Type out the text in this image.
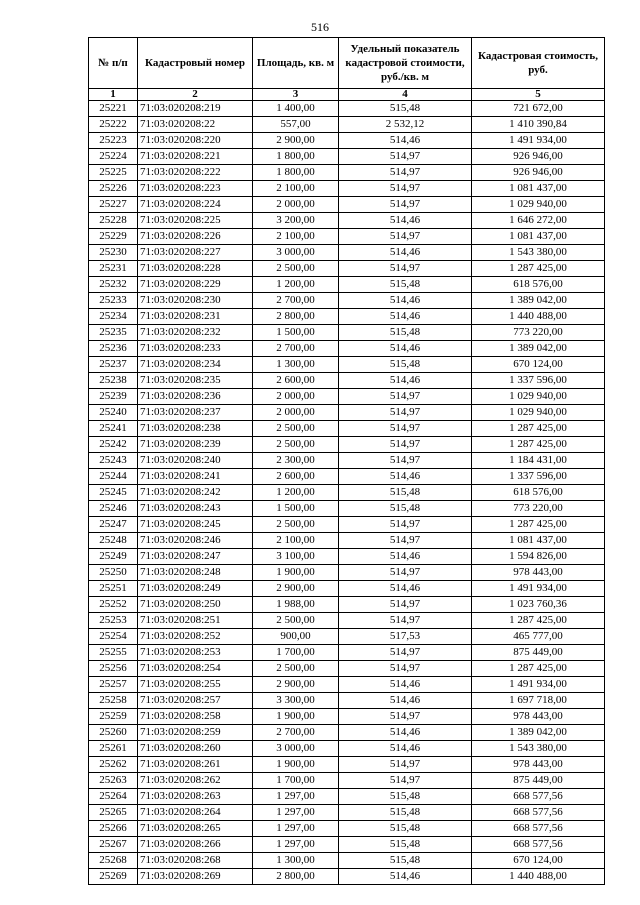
516
№ п/п	Кадастровый номер	Площадь, кв. м	Удельный показатель кадастровой стоимости, руб./кв. м	Кадастровая стоимость, руб.
1	2	3	4	5
25221	71:03:020208:219	1 400,00	515,48	721 672,00
25222	71:03:020208:22	557,00	2 532,12	1 410 390,84
25223	71:03:020208:220	2 900,00	514,46	1 491 934,00
25224	71:03:020208:221	1 800,00	514,97	926 946,00
25225	71:03:020208:222	1 800,00	514,97	926 946,00
25226	71:03:020208:223	2 100,00	514,97	1 081 437,00
25227	71:03:020208:224	2 000,00	514,97	1 029 940,00
25228	71:03:020208:225	3 200,00	514,46	1 646 272,00
25229	71:03:020208:226	2 100,00	514,97	1 081 437,00
25230	71:03:020208:227	3 000,00	514,46	1 543 380,00
25231	71:03:020208:228	2 500,00	514,97	1 287 425,00
25232	71:03:020208:229	1 200,00	515,48	618 576,00
25233	71:03:020208:230	2 700,00	514,46	1 389 042,00
25234	71:03:020208:231	2 800,00	514,46	1 440 488,00
25235	71:03:020208:232	1 500,00	515,48	773 220,00
25236	71:03:020208:233	2 700,00	514,46	1 389 042,00
25237	71:03:020208:234	1 300,00	515,48	670 124,00
25238	71:03:020208:235	2 600,00	514,46	1 337 596,00
25239	71:03:020208:236	2 000,00	514,97	1 029 940,00
25240	71:03:020208:237	2 000,00	514,97	1 029 940,00
25241	71:03:020208:238	2 500,00	514,97	1 287 425,00
25242	71:03:020208:239	2 500,00	514,97	1 287 425,00
25243	71:03:020208:240	2 300,00	514,97	1 184 431,00
25244	71:03:020208:241	2 600,00	514,46	1 337 596,00
25245	71:03:020208:242	1 200,00	515,48	618 576,00
25246	71:03:020208:243	1 500,00	515,48	773 220,00
25247	71:03:020208:245	2 500,00	514,97	1 287 425,00
25248	71:03:020208:246	2 100,00	514,97	1 081 437,00
25249	71:03:020208:247	3 100,00	514,46	1 594 826,00
25250	71:03:020208:248	1 900,00	514,97	978 443,00
25251	71:03:020208:249	2 900,00	514,46	1 491 934,00
25252	71:03:020208:250	1 988,00	514,97	1 023 760,36
25253	71:03:020208:251	2 500,00	514,97	1 287 425,00
25254	71:03:020208:252	900,00	517,53	465 777,00
25255	71:03:020208:253	1 700,00	514,97	875 449,00
25256	71:03:020208:254	2 500,00	514,97	1 287 425,00
25257	71:03:020208:255	2 900,00	514,46	1 491 934,00
25258	71:03:020208:257	3 300,00	514,46	1 697 718,00
25259	71:03:020208:258	1 900,00	514,97	978 443,00
25260	71:03:020208:259	2 700,00	514,46	1 389 042,00
25261	71:03:020208:260	3 000,00	514,46	1 543 380,00
25262	71:03:020208:261	1 900,00	514,97	978 443,00
25263	71:03:020208:262	1 700,00	514,97	875 449,00
25264	71:03:020208:263	1 297,00	515,48	668 577,56
25265	71:03:020208:264	1 297,00	515,48	668 577,56
25266	71:03:020208:265	1 297,00	515,48	668 577,56
25267	71:03:020208:266	1 297,00	515,48	668 577,56
25268	71:03:020208:268	1 300,00	515,48	670 124,00
25269	71:03:020208:269	2 800,00	514,46	1 440 488,00
